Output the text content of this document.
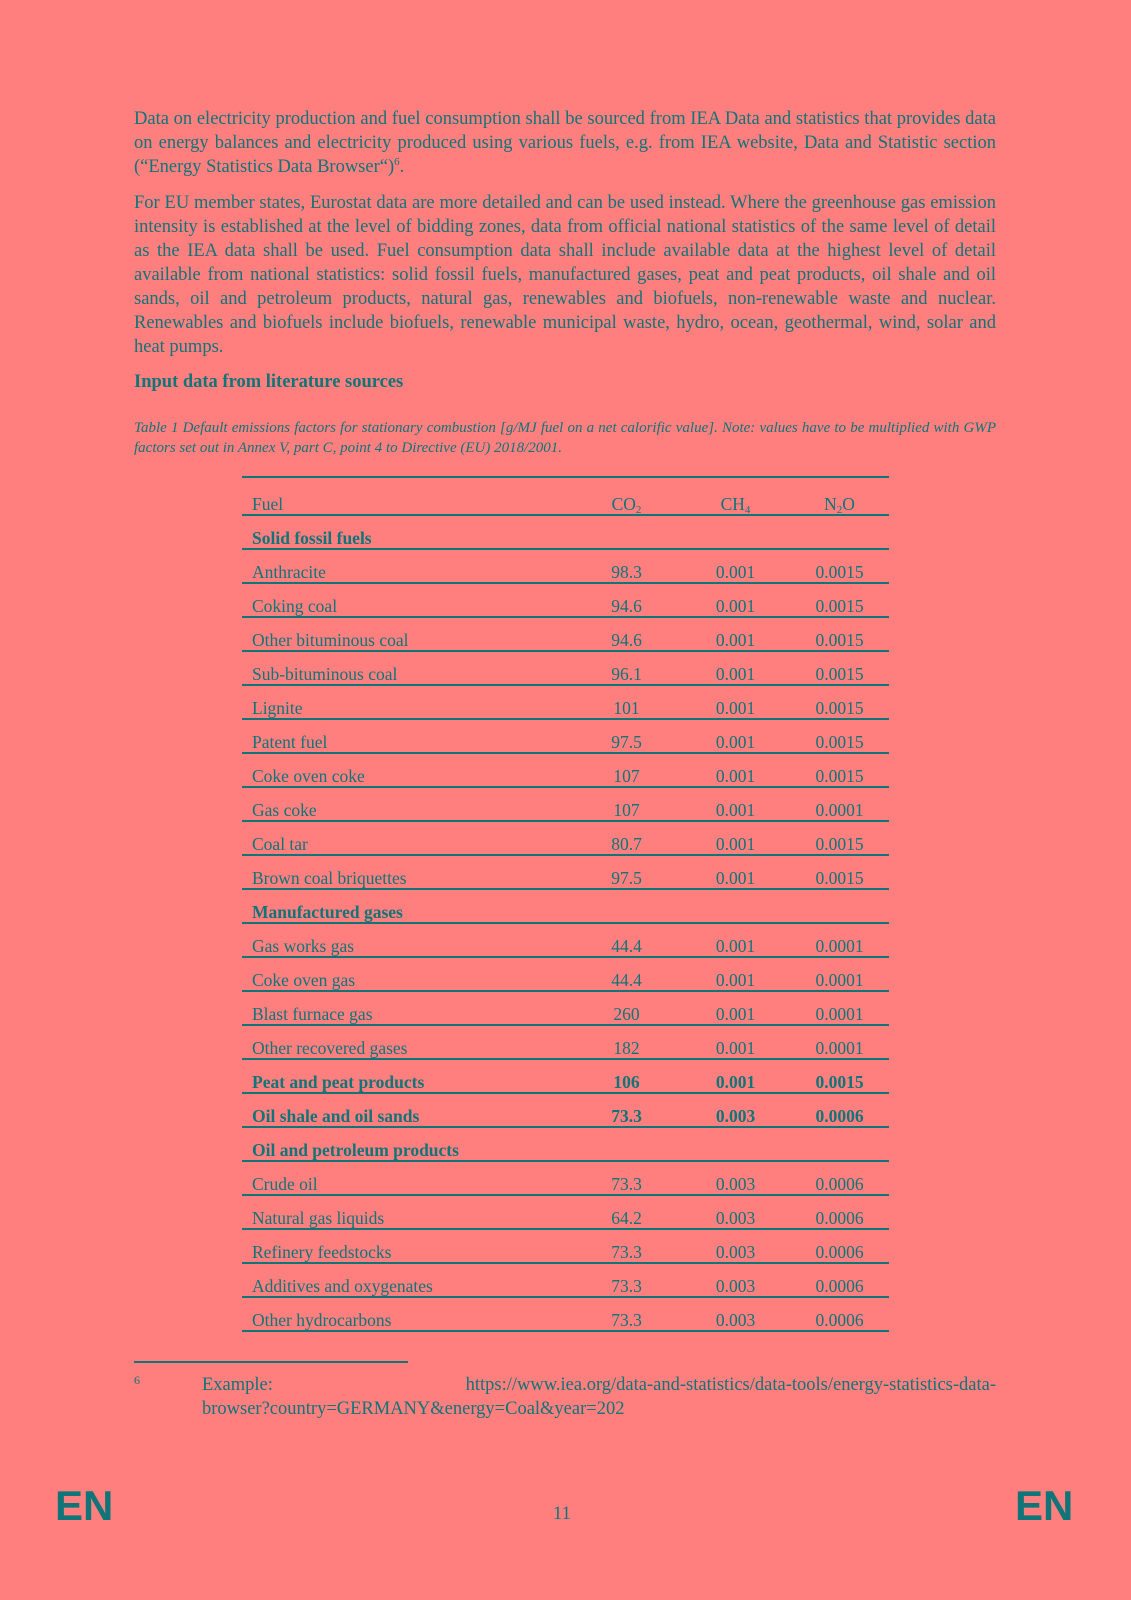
Data on electricity production and fuel consumption shall be sourced from IEA Data and statistics that provides data on energy balances and electricity produced using various fuels, e.g. from IEA website, Data and Statistic section (“Energy Statistics Data Browser“)$^6$.

For EU member states, Eurostat data are more detailed and can be used instead. Where the greenhouse gas emission intensity is established at the level of bidding zones, data from official national statistics of the same level of detail as the IEA data shall be used. Fuel consumption data shall include available data at the highest level of detail available from national statistics: solid fossil fuels, manufactured gases, peat and peat products, oil shale and oil sands, oil and petroleum products, natural gas, renewables and biofuels, non-renewable waste and nuclear. Renewables and biofuels include biofuels, renewable municipal waste, hydro, ocean, geothermal, wind, solar and heat pumps.

Input data from literature sources

Table 1 Default emissions factors for stationary combustion [g/MJ fuel on a net calorific value]. Note: values have to be multiplied with GWP factors set out in Annex V, part C, point 4 to Directive (EU) 2018/2001.

Fuel	$CO_2$	$CH_4$	$N_2O$
Solid fossil fuels			
Anthracite	98.3	0.001	0.0015
Coking coal	94.6	0.001	0.0015
Other bituminous coal	94.6	0.001	0.0015
Sub-bituminous coal	96.1	0.001	0.0015
Lignite	101	0.001	0.0015
Patent fuel	97.5	0.001	0.0015
Coke oven coke	107	0.001	0.0015
Gas coke	107	0.001	0.0001
Coal tar	80.7	0.001	0.0015
Brown coal briquettes	97.5	0.001	0.0015
Manufactured gases			
Gas works gas	44.4	0.001	0.0001
Coke oven gas	44.4	0.001	0.0001
Blast furnace gas	260	0.001	0.0001
Other recovered gases	182	0.001	0.0001
Peat and peat products	106	0.001	0.0015
Oil shale and oil sands	73.3	0.003	0.0006
Oil and petroleum products			
Crude oil	73.3	0.003	0.0006
Natural gas liquids	64.2	0.003	0.0006
Refinery feedstocks	73.3	0.003	0.0006
Additives and oxygenates	73.3	0.003	0.0006
Other hydrocarbons	73.3	0.003	0.0006
6	Example:	https://www.iea.org/data-and-statistics/data-tools/energy-statistics-data-
browser?country=GERMANY&energy=Coal&year=202
EN	11	EN
